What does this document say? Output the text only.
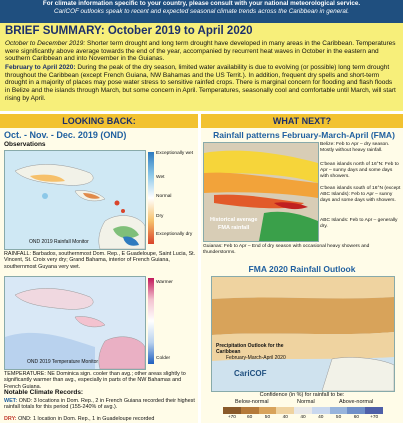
For climate information specific to your country, please consult with your national meteorological service.
CariCOF outlooks speak to recent and expected seasonal climate trends across the Caribbean in general.
BRIEF SUMMARY: October 2019 to April 2020

October to December 2019: Shorter term drought and long term drought have developed in many areas in the Caribbean. Temperatures were significantly above average towards the end of the year, accompanied by recurrent heat waves in October in the eastern and southern Caribbean and into November in the Guianas.

February to April 2020: During the peak of the dry season, limited water availability is due to evolving (or possible) long term drought throughout the Caribbean (except French Guiana, NW Bahamas and the US Territ.). In addition, frequent dry spells and short-term drought in a majority of places may pose water stress to sensitive rainfed crops. There is marginal concern for flooding and flash floods in Belize and the islands through March, but some concern in April. Temperatures, seasonally cool and comfortable until March, will start rising by April.

LOOKING BACK:	WHAT NEXT?
Oct. - Nov. - Dec. 2019 (OND)
Observations
OND 2019 Rainfall Monitor
Exceptionally wet
Wet
Normal
Dry
Exceptionally dry
RAINFALL: Barbados, southernmost Dom. Rep., E Guadeloupe, Saint Lucia, St. Vincent, St. Croix very dry; Grand Bahama, interior of French Guiana, southernmost Guyana very wet.
OND 2019 Temperature Monitor
Warmer
Colder
TEMPERATURE: NE Dominica sign. cooler than avg.; other areas slightly to significantly warmer than avg., especially in parts of the NW Bahamas and French Guiana.
Notable Climate Records:
WET: OND: 3 locations in Dom. Rep., 2 in French Guiana recorded their highest rainfall totals for this period (155-240% of avg.).
DRY: OND: 1 location in Dom. Rep., 1 in Guadeloupe recorded
Rainfall patterns February-March-April (FMA)
Historical average
FMA rainfall
Belize: Feb to Apr – dry season. Mostly without heavy rainfall.
C'bean islands north of 16°N: Feb to Apr – sunny days and some days with showers.
C'bean islands south of 16°N (except ABC Islands): Feb to Apr – sunny days and some days with showers.
ABC Islands: Feb to Apr – generally dry.
Guianas: Feb to Apr – End of dry season with occasional heavy showers and thunderstorms.
FMA 2020 Rainfall Outlook
Precipitation Outlook for the Caribbean
February-March-April 2020
CariCOF
Confidence (in %) for rainfall to be:
Below-normal	Normal	Above-normal
+70	60	50	40	40	40	50	60	+70
